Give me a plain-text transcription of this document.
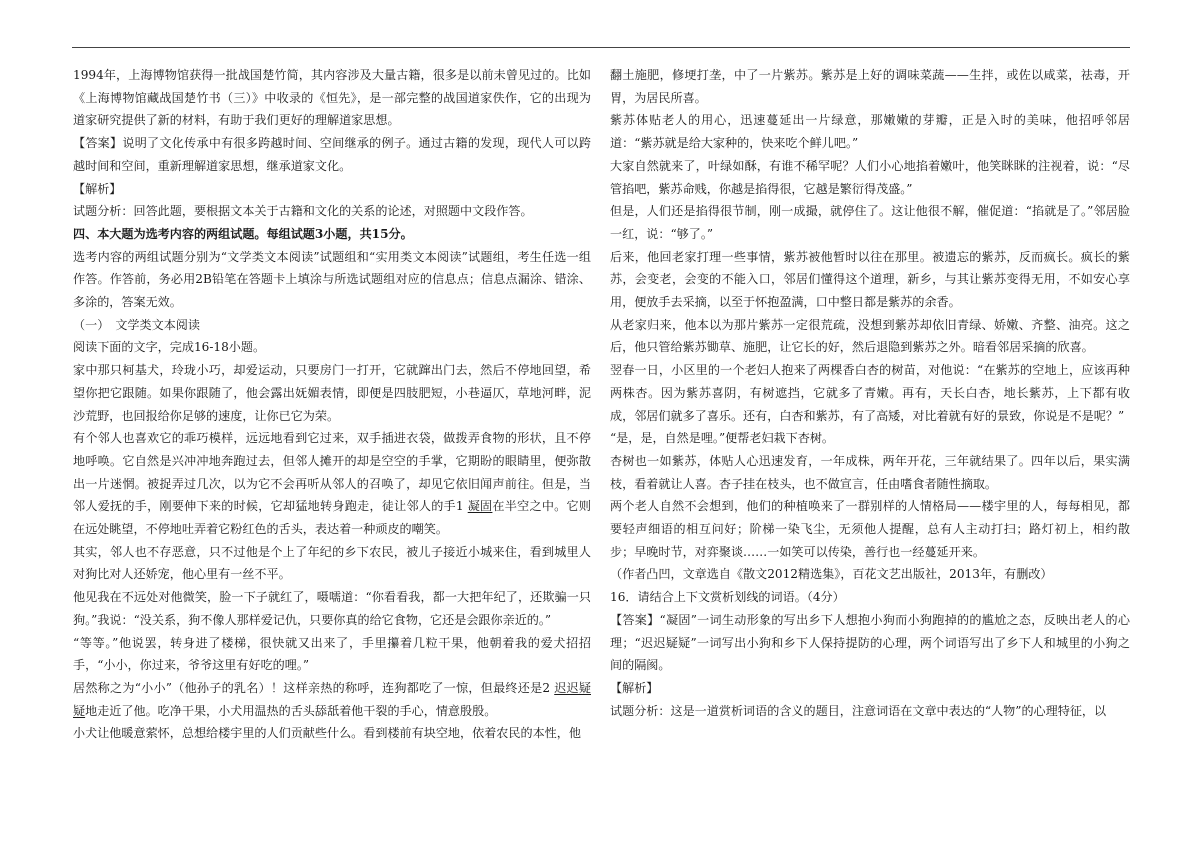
1994年，上海博物馆获得一批战国楚竹简，其内容涉及大量古籍，很多是以前未曾见过的。比如《上海博物馆藏战国楚竹书（三）》中收录的《恒先》，是一部完整的战国道家佚作，它的出现为道家研究提供了新的材料，有助于我们更好的理解道家思想。

【答案】说明了文化传承中有很多跨越时间、空间继承的例子。通过古籍的发现，现代人可以跨越时间和空间，重新理解道家思想，继承道家文化。

【解析】

试题分析：回答此题，要根据文本关于古籍和文化的关系的论述，对照题中文段作答。

四、本大题为选考内容的两组试题。每组试题3小题，共15分。

选考内容的两组试题分别为“文学类文本阅读”试题组和“实用类文本阅读”试题组，考生任选一组作答。作答前，务必用2B铅笔在答题卡上填涂与所选试题组对应的信息点；信息点漏涂、错涂、多涂的，答案无效。

（一）　文学类文本阅读

阅读下面的文字，完成16-18小题。

家中那只柯基犬，玲珑小巧，却爱运动，只要房门一打开，它就蹿出门去，然后不停地回望，希望你把它跟随。如果你跟随了，他会露出妩媚表情，即便是四肢肥短，小巷逼仄，草地河畔，泥沙荒野，也回报给你足够的速度，让你已它为荣。

有个邻人也喜欢它的乖巧模样，远远地看到它过来，双手插进衣袋，做拨弄食物的形状，且不停地呼唤。它自然是兴冲冲地奔跑过去，但邻人摊开的却是空空的手掌，它期盼的眼睛里，便弥散出一片迷惘。被捉弄过几次，以为它不会再听从邻人的召唤了，却见它依旧闻声前往。但是，当邻人爱抚的手，刚要伸下来的时候，它却猛地转身跑走，徒让邻人的手1 凝固在半空之中。它则在远处眺望，不停地吐弄着它粉红色的舌头，表达着一种顽皮的嘲笑。

其实，邻人也不存恶意，只不过他是个上了年纪的乡下农民，被儿子接近小城来住，看到城里人对狗比对人还娇宠，他心里有一丝不平。

他见我在不远处对他微笑，脸一下子就红了，嗫嚅道：“你看看我，都一大把年纪了，还欺骗一只狗。”我说：“没关系，狗不像人那样爱记仇，只要你真的给它食物，它还是会跟你亲近的。”

“等等。”他说罢，转身进了楼梯，很快就又出来了，手里攥着几粒干果，他朝着我的爱犬招招手，“小小，你过来，爷爷这里有好吃的哩。”

居然称之为“小小”（他孙子的乳名）！这样亲热的称呼，连狗都吃了一惊，但最终还是2 迟迟疑疑地走近了他。吃净干果，小犬用温热的舌头舔舐着他干裂的手心，情意殷殷。

小犬让他暖意萦怀，总想给楼宇里的人们贡献些什么。看到楼前有块空地，依着农民的本性，他

翻土施肥，修埂打垄，中了一片紫苏。紫苏是上好的调味菜蔬——生拌，或佐以咸菜，祛毒，开胃，为居民所喜。

紫苏体贴老人的用心，迅速蔓延出一片绿意，那嫩嫩的芽瓣，正是入时的美味，他招呼邻居道：“紫苏就是给大家种的，快来吃个鲜儿吧。”

大家自然就来了，叶绿如酥，有谁不稀罕呢？人们小心地掐着嫩叶，他笑眯眯的注视着，说：“尽管掐吧，紫苏命贱，你越是掐得很，它越是繁衍得茂盛。”

但是，人们还是掐得很节制，刚一成撮，就停住了。这让他很不解，催促道：“掐就是了。”邻居脸一红，说：“够了。”

后来，他回老家打理一些事情，紫苏被他暂时以往在那里。被遗忘的紫苏，反而疯长。疯长的紫苏，会变老，会变的不能入口，邻居们懂得这个道理，新乡，与其让紫苏变得无用，不如安心享用，便放手去采摘，以至于怀抱盈满，口中整日都是紫苏的余香。

从老家归来，他本以为那片紫苏一定很荒疏，没想到紫苏却依旧青绿、娇嫩、齐整、油亮。这之后，他只管给紫苏锄草、施肥，让它长的好，然后退隐到紫苏之外。暗看邻居采摘的欣喜。

翌春一日，小区里的一个老妇人抱来了两棵香白杏的树苗，对他说：“在紫苏的空地上，应该再种两株杏。因为紫苏喜阴，有树遮挡，它就多了青嫩。再有，天长白杏，地长紫苏，上下都有收成，邻居们就多了喜乐。还有，白杏和紫苏，有了高矮，对比着就有好的景致，你说是不是呢？”

“是，是，自然是哩。”便帮老妇栽下杏树。

杏树也一如紫苏，体贴人心迅速发育，一年成株，两年开花，三年就结果了。四年以后，果实满枝，看着就让人喜。杏子挂在枝头，也不做宣言，任由嗜食者随性摘取。

两个老人自然不会想到，他们的种植唤来了一群别样的人情格局——楼宇里的人，每每相见，都要轻声细语的相互问好；阶梯一染飞尘，无须他人提醒，总有人主动打扫；路灯初上，相约散步；早晚时节，对弈聚谈……一如笑可以传染，善行也一经蔓延开来。

（作者凸凹，文章选自《散文2012精选集》，百花文艺出版社，2013年，有删改）

16．请结合上下文赏析划线的词语。（4分）

【答案】“凝固”一词生动形象的写出乡下人想抱小狗而小狗跑掉的的尴尬之态，反映出老人的心理；“迟迟疑疑”一词写出小狗和乡下人保持提防的心理，两个词语写出了乡下人和城里的小狗之间的隔阂。

【解析】

试题分析：这是一道赏析词语的含义的题目，注意词语在文章中表达的“人物”的心理特征，以
